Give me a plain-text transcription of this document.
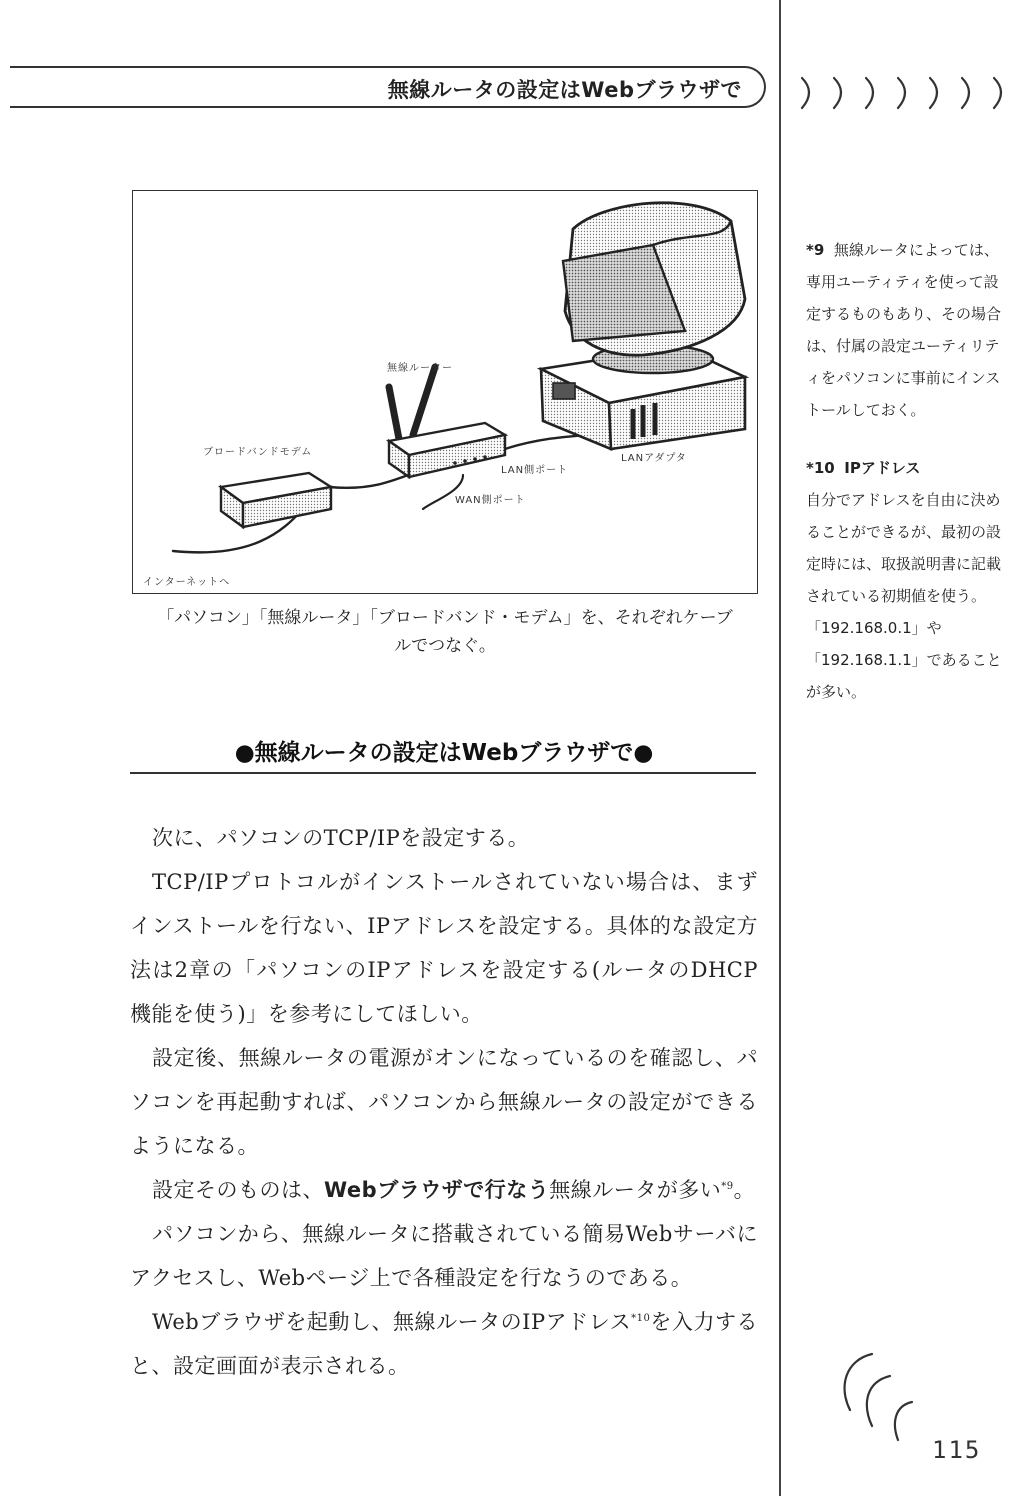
無線ルータの設定はWebブラウザで
*9 無線ルータによっては、専用ユーティティを使って設定するものもあり、その場合は、付属の設定ユーティリティをパソコンに事前にインストールしておく。
*10 IPアドレス
自分でアドレスを自由に決めることができるが、最初の設定時には、取扱説明書に記載されている初期値を使う。「192.168.0.1」や「192.168.1.1」であることが多い。
無線ルーター
ブロードバンドモデム
LAN側ポート
LANアダプタ
WAN側ポート
インターネットへ
「パソコン」「無線ルータ」「ブロードバンド・モデム」を、それぞれケーブ
ルでつなぐ。
●無線ルータの設定はWebブラウザで●

次に、パソコンのTCP/IPを設定する。

TCP/IPプロトコルがインストールされていない場合は、まずインストールを行ない、IPアドレスを設定する。具体的な設定方法は2章の「パソコンのIPアドレスを設定する(ルータのDHCP機能を使う)」を参考にしてほしい。

設定後、無線ルータの電源がオンになっているのを確認し、パソコンを再起動すれば、パソコンから無線ルータの設定ができるようになる。

設定そのものは、Webブラウザで行なう無線ルータが多い$^{*9}$。

パソコンから、無線ルータに搭載されている簡易Webサーバにアクセスし、Webページ上で各種設定を行なうのである。

Webブラウザを起動し、無線ルータのIPアドレス$^{*10}$を入力すると、設定画面が表示される。

115
